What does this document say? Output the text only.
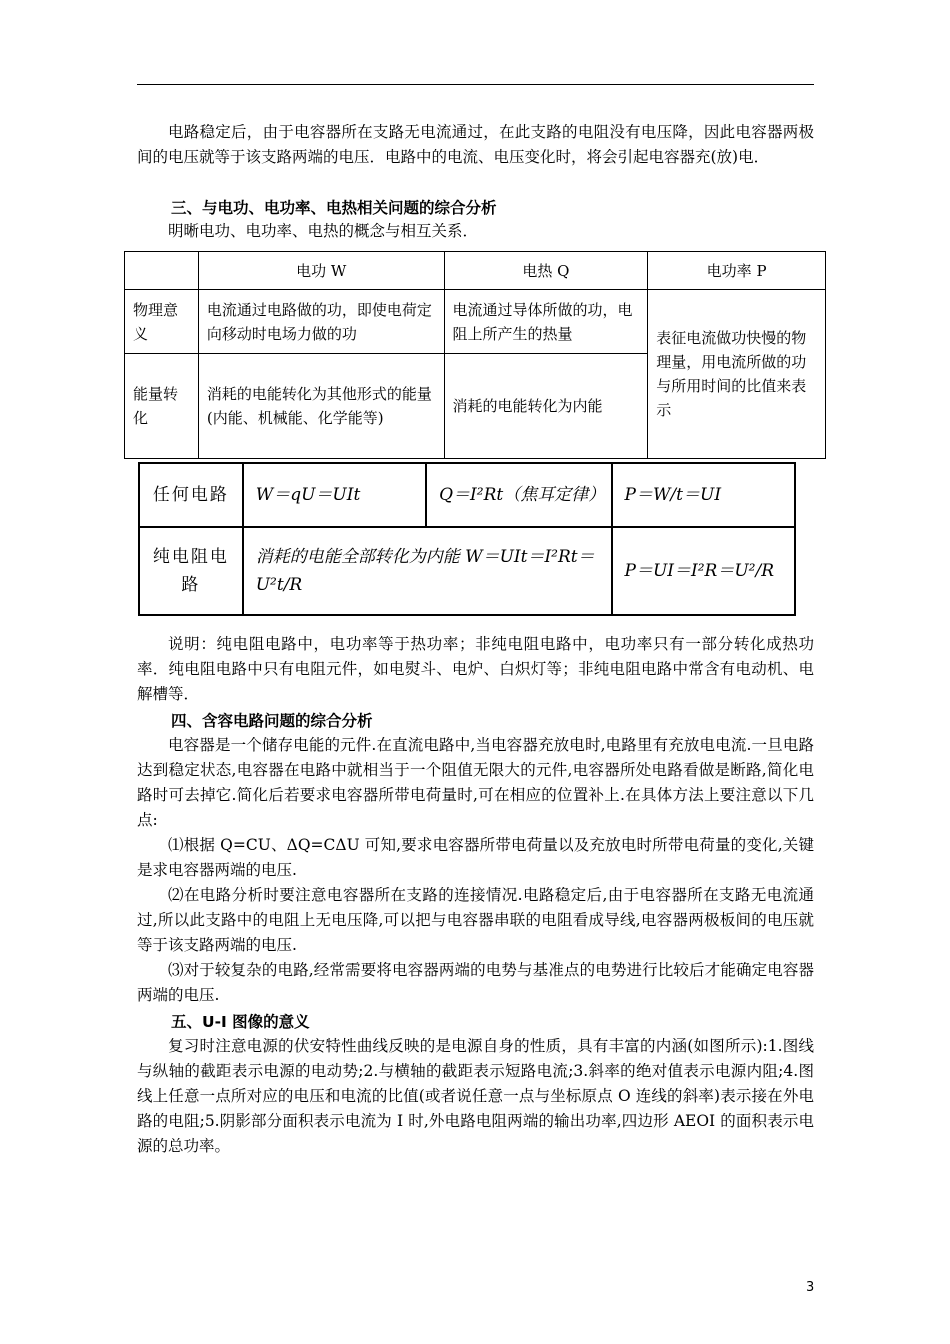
电路稳定后，由于电容器所在支路无电流通过，在此支路的电阻没有电压降，因此电容器两极间的电压就等于该支路两端的电压．电路中的电流、电压变化时，将会引起电容器充(放)电．

三、与电功、电功率、电热相关问题的综合分析

明晰电功、电功率、电热的概念与相互关系．

	电功 W	电热 Q	电功率 P
物理意义	电流通过电路做的功，即使电荷定向移动时电场力做的功	电流通过导体所做的功，电阻上所产生的热量	表征电流做功快慢的物理量，用电流所做的功与所用时间的比值来表示
能量转化	消耗的电能转化为其他形式的能量(内能、机械能、化学能等)	消耗的电能转化为内能	
任何电路	W＝qU＝UIt	Q＝I²Rt（焦耳定律）	P＝W/t＝UI
纯电阻电路	消耗的电能全部转化为内能 W＝UIt＝I²Rt＝U²t/R		P＝UI＝I²R＝U²/R

说明：纯电阻电路中，电功率等于热功率；非纯电阻电路中，电功率只有一部分转化成热功率．纯电阻电路中只有电阻元件，如电熨斗、电炉、白炽灯等；非纯电阻电路中常含有电动机、电解槽等．

四、含容电路问题的综合分析

电容器是一个储存电能的元件.在直流电路中,当电容器充放电时,电路里有充放电电流.一旦电路达到稳定状态,电容器在电路中就相当于一个阻值无限大的元件,电容器所处电路看做是断路,简化电路时可去掉它.简化后若要求电容器所带电荷量时,可在相应的位置补上.在具体方法上要注意以下几点:

⑴根据 Q=CU、ΔQ=CΔU 可知,要求电容器所带电荷量以及充放电时所带电荷量的变化,关键是求电容器两端的电压.

⑵在电路分析时要注意电容器所在支路的连接情况.电路稳定后,由于电容器所在支路无电流通过,所以此支路中的电阻上无电压降,可以把与电容器串联的电阻看成导线,电容器两极板间的电压就等于该支路两端的电压.

⑶对于较复杂的电路,经常需要将电容器两端的电势与基准点的电势进行比较后才能确定电容器两端的电压.

五、U-I 图像的意义

复习时注意电源的伏安特性曲线反映的是电源自身的性质，具有丰富的内涵(如图所示):1.图线与纵轴的截距表示电源的电动势;2.与横轴的截距表示短路电流;3.斜率的绝对值表示电源内阻;4.图线上任意一点所对应的电压和电流的比值(或者说任意一点与坐标原点 O 连线的斜率)表示接在外电路的电阻;5.阴影部分面积表示电流为 I 时,外电路电阻两端的输出功率,四边形 AEOI 的面积表示电源的总功率。

3
